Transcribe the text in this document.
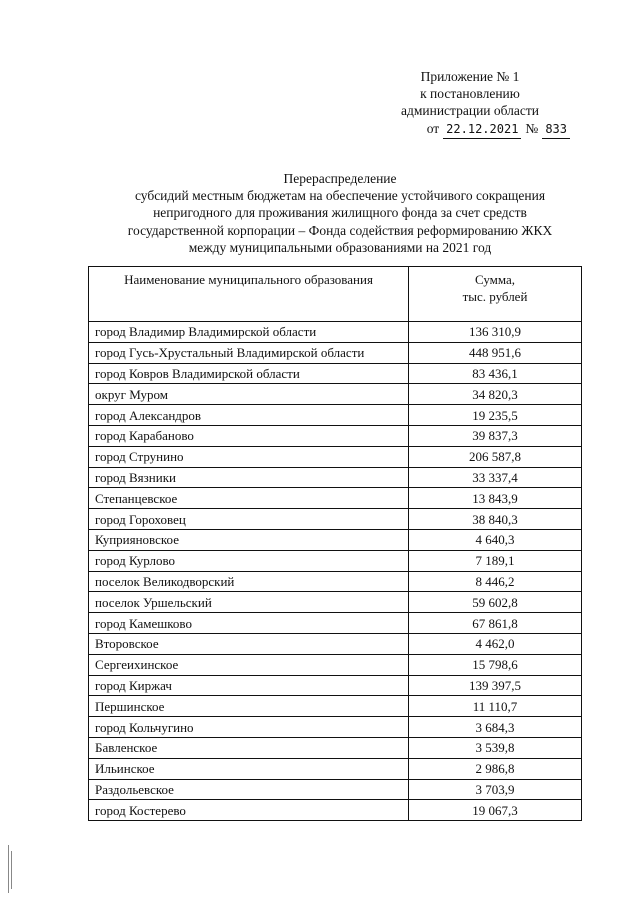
Приложение № 1
к постановлению
администрации области
от 22.12.2021 № 833
Перераспределение
субсидий местным бюджетам на обеспечение устойчивого сокращения
непригодного для проживания жилищного фонда за счет средств
государственной корпорации – Фонда содействия реформированию ЖКХ
между муниципальными образованиями на 2021 год
Наименование муниципального образования	Сумма,
тыс. рублей
город Владимир Владимирской области	136 310,9
город Гусь-Хрустальный Владимирской области	448 951,6
город Ковров Владимирской области	83 436,1
округ Муром	34 820,3
город Александров	19 235,5
город Карабаново	39 837,3
город Струнино	206 587,8
город Вязники	33 337,4
Степанцевское	13 843,9
город Гороховец	38 840,3
Куприяновское	4 640,3
город Курлово	7 189,1
поселок Великодворский	8 446,2
поселок Уршельский	59 602,8
город Камешково	67 861,8
Второвское	4 462,0
Сергеихинское	15 798,6
город Киржач	139 397,5
Першинское	11 110,7
город Кольчугино	3 684,3
Бавленское	3 539,8
Ильинское	2 986,8
Раздольевское	3 703,9
город Костерево	19 067,3
